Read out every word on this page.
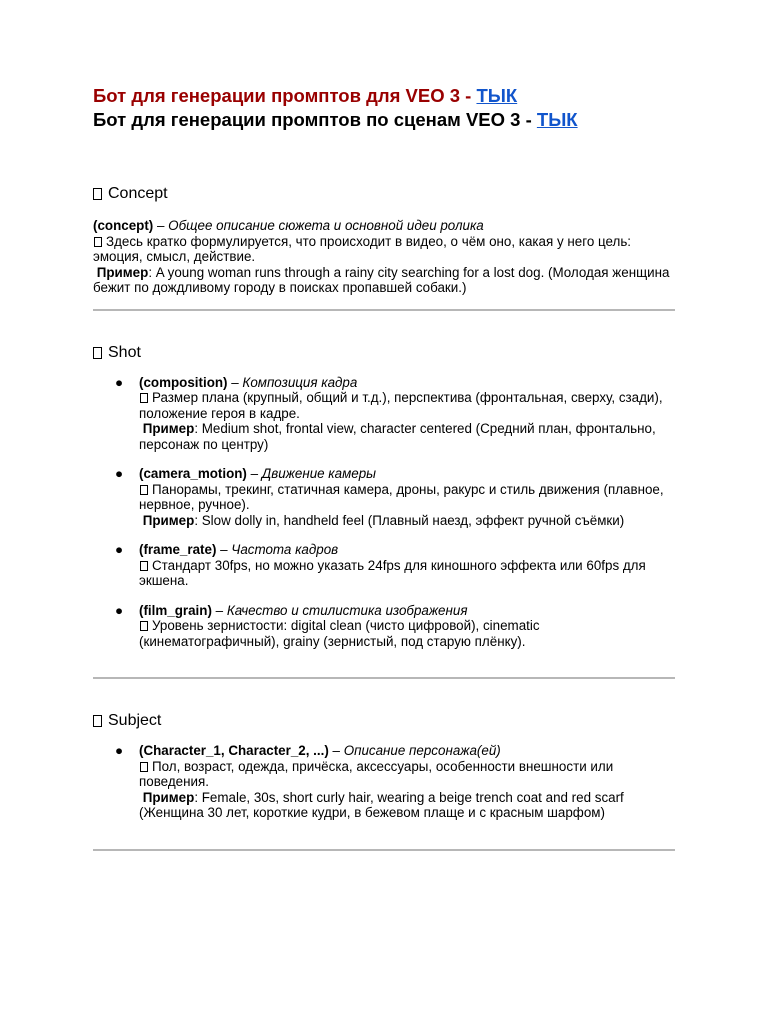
Бот для генерации промптов для VEO 3 - ТЫК
Бот для генерации промптов по сценам VEO 3 - ТЫК
Concept
(concept) – Общее описание сюжета и основной идеи ролика
Здесь кратко формулируется, что происходит в видео, о чём оно, какая у него цель: эмоция, смысл, действие.
Пример: A young woman runs through a rainy city searching for a lost dog. (Молодая женщина бежит по дождливому городу в поисках пропавшей собаки.)
Shot
● (composition) – Композиция кадра
Размер плана (крупный, общий и т.д.), перспектива (фронтальная, сверху, сзади), положение героя в кадре.
Пример: Medium shot, frontal view, character centered (Средний план, фронтально, персонаж по центру)
● (camera_motion) – Движение камеры
Панорамы, трекинг, статичная камера, дроны, ракурс и стиль движения (плавное, нервное, ручное).
Пример: Slow dolly in, handheld feel (Плавный наезд, эффект ручной съёмки)
● (frame_rate) – Частота кадров
Стандарт 30fps, но можно указать 24fps для киношного эффекта или 60fps для экшена.
● (film_grain) – Качество и стилистика изображения
Уровень зернистости: digital clean (чисто цифровой), cinematic (кинематографичный), grainy (зернистый, под старую плёнку).
Subject
● (Character_1, Character_2, ...) – Описание персонажа(ей)
Пол, возраст, одежда, причёска, аксессуары, особенности внешности или поведения.
Пример: Female, 30s, short curly hair, wearing a beige trench coat and red scarf (Женщина 30 лет, короткие кудри, в бежевом плаще и с красным шарфом)
